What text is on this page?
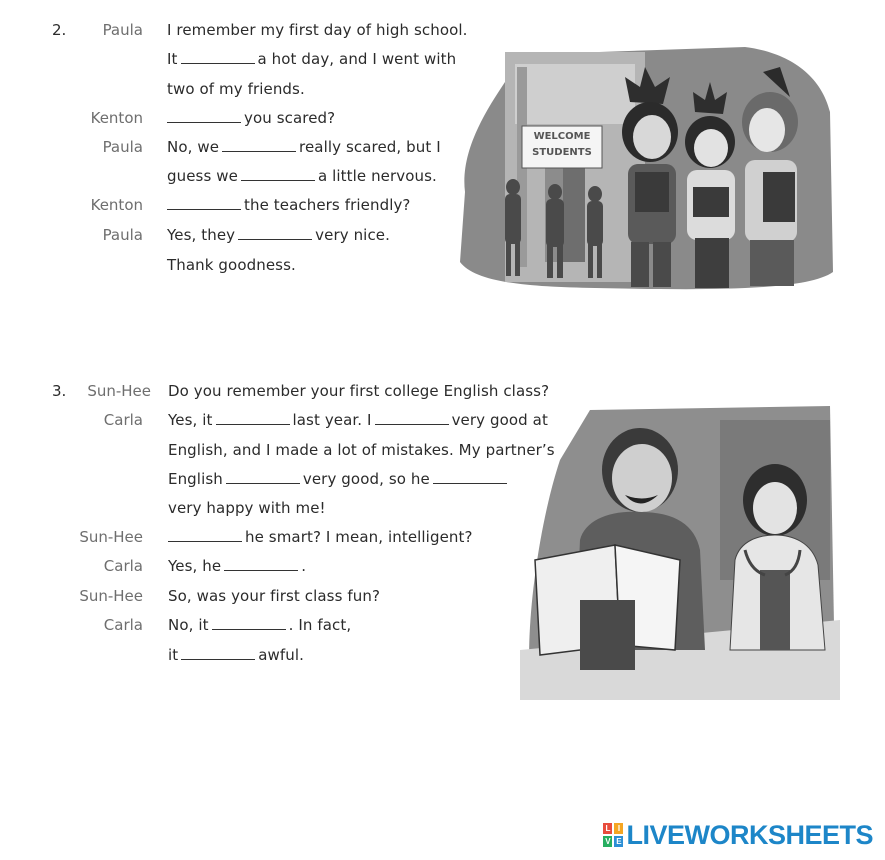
2. Paula I remember my first day of high school.
It	a hot day, and I went with
two of my friends.
Kenton	you scared?
Paula No, we	really scared, but I
guess we	a little nervous.
Kenton	the teachers friendly?
Paula Yes, they	very nice.
Thank goodness.
WELCOME
STUDENTS
3. Sun-Hee Do you remember your first college English class?
Carla Yes, it	last year. I	very good at
English, and I made a lot of mistakes. My partner’s
English	very good, so he
very happy with me!
Sun-Hee	he smart? I mean, intelligent?
Carla Yes, he	.
Sun-Hee So, was your first class fun?
Carla No, it	. In fact,
it	awful.
L I
V E LIVEWORKSHEETS
